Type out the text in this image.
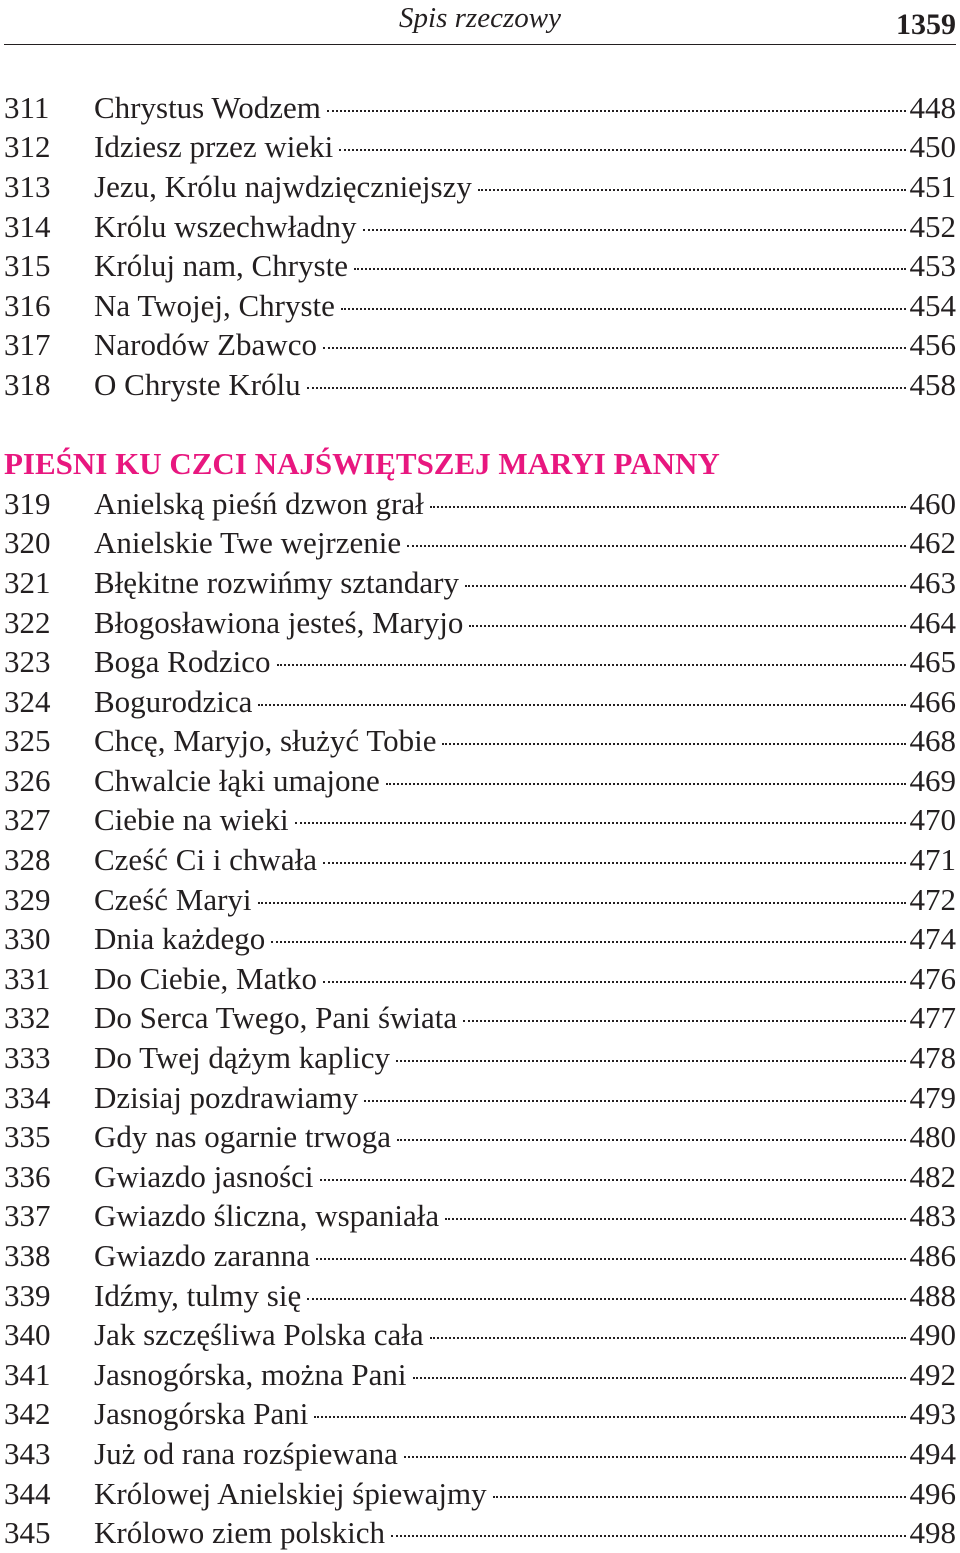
Spis rzeczowy	1359
311	Chrystus Wodzem	448
312	Idziesz przez wieki	450
313	Jezu, Królu najwdzięczniejszy	451
314	Królu wszechwładny	452
315	Króluj nam, Chryste	453
316	Na Twojej, Chryste	454
317	Narodów Zbawco	456
318	O Chryste Królu	458
PIEŚNI KU CZCI NAJŚWIĘTSZEJ MARYI PANNY
319	Anielską pieśń dzwon grał	460
320	Anielskie Twe wejrzenie	462
321	Błękitne rozwińmy sztandary	463
322	Błogosławiona jesteś, Maryjo	464
323	Boga Rodzico	465
324	Bogurodzica	466
325	Chcę, Maryjo, służyć Tobie	468
326	Chwalcie łąki umajone	469
327	Ciebie na wieki	470
328	Cześć Ci i chwała	471
329	Cześć Maryi	472
330	Dnia każdego	474
331	Do Ciebie, Matko	476
332	Do Serca Twego, Pani świata	477
333	Do Twej dążym kaplicy	478
334	Dzisiaj pozdrawiamy	479
335	Gdy nas ogarnie trwoga	480
336	Gwiazdo jasności	482
337	Gwiazdo śliczna, wspaniała	483
338	Gwiazdo zaranna	486
339	Idźmy, tulmy się	488
340	Jak szczęśliwa Polska cała	490
341	Jasnogórska, można Pani	492
342	Jasnogórska Pani	493
343	Już od rana rozśpiewana	494
344	Królowej Anielskiej śpiewajmy	496
345	Królowo ziem polskich	498
